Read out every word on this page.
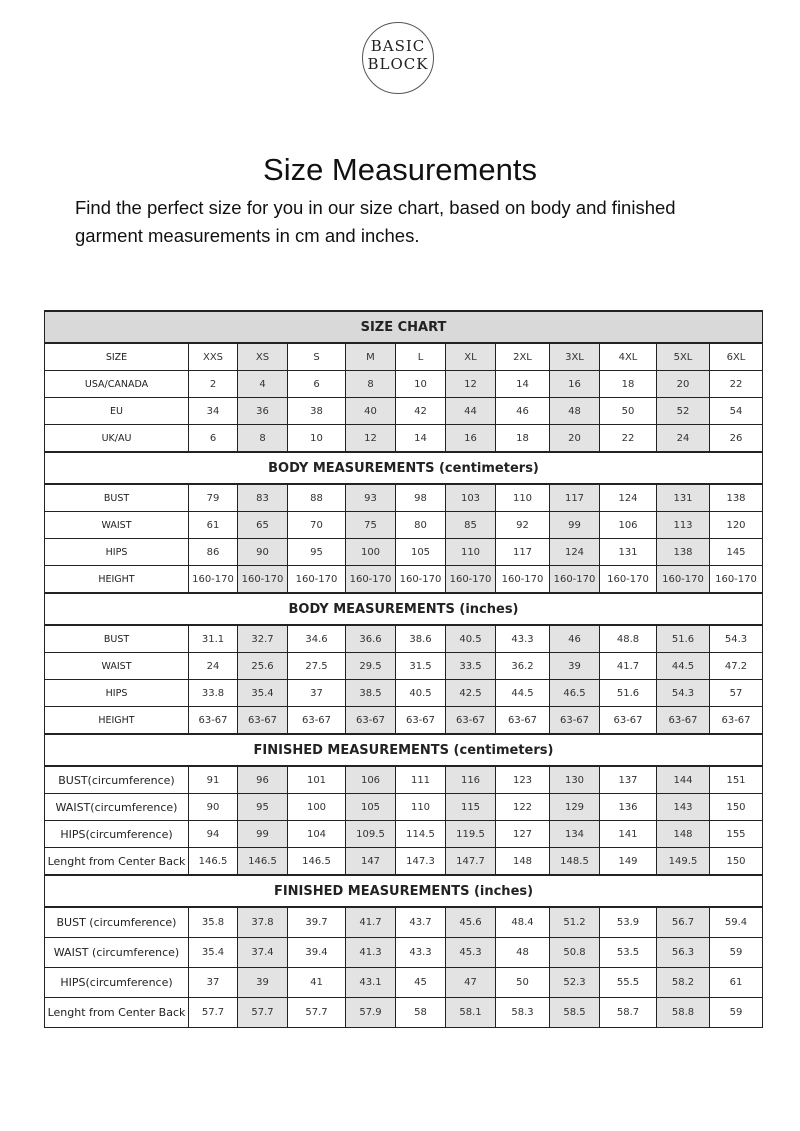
BASIC
BLOCK
Size Measurements
Find the perfect size for you in our size chart, based on body and finished garment measurements in cm and inches.
SIZE CHART											
SIZE	XXS	XS	S	M	L	XL	2XL	3XL	4XL	5XL	6XL
USA/CANADA	2	4	6	8	10	12	14	16	18	20	22
EU	34	36	38	40	42	44	46	48	50	52	54
UK/AU	6	8	10	12	14	16	18	20	22	24	26
BODY MEASUREMENTS (centimeters)											
BUST	79	83	88	93	98	103	110	117	124	131	138
WAIST	61	65	70	75	80	85	92	99	106	113	120
HIPS	86	90	95	100	105	110	117	124	131	138	145
HEIGHT	160-170	160-170	160-170	160-170	160-170	160-170	160-170	160-170	160-170	160-170	160-170
BODY MEASUREMENTS (inches)											
BUST	31.1	32.7	34.6	36.6	38.6	40.5	43.3	46	48.8	51.6	54.3
WAIST	24	25.6	27.5	29.5	31.5	33.5	36.2	39	41.7	44.5	47.2
HIPS	33.8	35.4	37	38.5	40.5	42.5	44.5	46.5	51.6	54.3	57
HEIGHT	63-67	63-67	63-67	63-67	63-67	63-67	63-67	63-67	63-67	63-67	63-67
FINISHED MEASUREMENTS (centimeters)											
BUST(circumference)	91	96	101	106	111	116	123	130	137	144	151
WAIST(circumference)	90	95	100	105	110	115	122	129	136	143	150
HIPS(circumference)	94	99	104	109.5	114.5	119.5	127	134	141	148	155
Lenght from Center Back	146.5	146.5	146.5	147	147.3	147.7	148	148.5	149	149.5	150
FINISHED MEASUREMENTS (inches)											
BUST (circumference)	35.8	37.8	39.7	41.7	43.7	45.6	48.4	51.2	53.9	56.7	59.4
WAIST (circumference)	35.4	37.4	39.4	41.3	43.3	45.3	48	50.8	53.5	56.3	59
HIPS(circumference)	37	39	41	43.1	45	47	50	52.3	55.5	58.2	61
Lenght from Center Back	57.7	57.7	57.7	57.9	58	58.1	58.3	58.5	58.7	58.8	59
